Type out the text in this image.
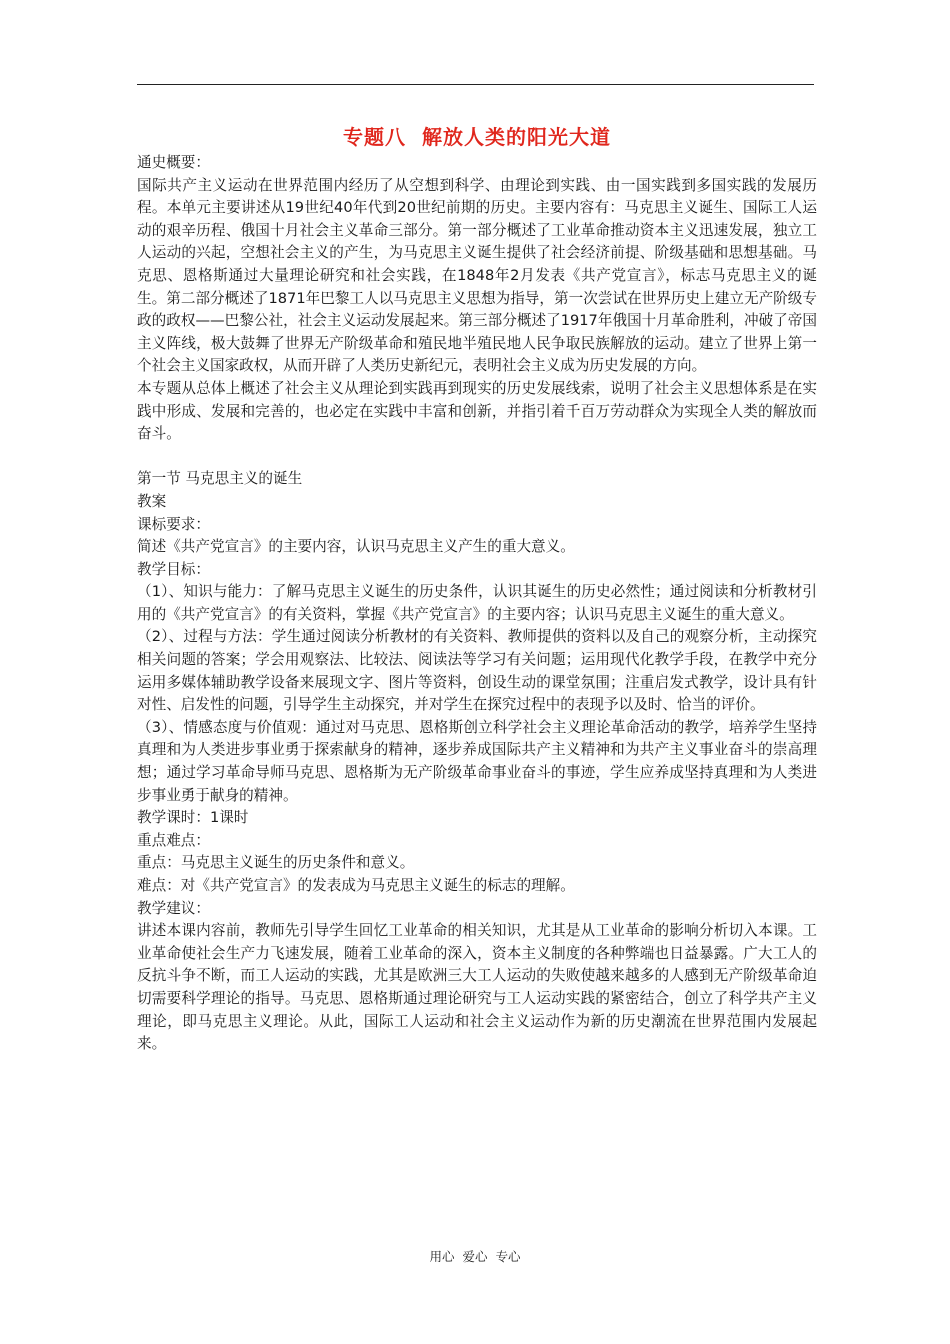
专题八  解放人类的阳光大道

通史概要：

国际共产主义运动在世界范围内经历了从空想到科学、由理论到实践、由一国实践到多国实践的发展历程。本单元主要讲述从19世纪40年代到20世纪前期的历史。主要内容有：马克思主义诞生、国际工人运动的艰辛历程、俄国十月社会主义革命三部分。第一部分概述了工业革命推动资本主义迅速发展，独立工人运动的兴起，空想社会主义的产生，为马克思主义诞生提供了社会经济前提、阶级基础和思想基础。马克思、恩格斯通过大量理论研究和社会实践，在1848年2月发表《共产党宣言》，标志马克思主义的诞生。第二部分概述了1871年巴黎工人以马克思主义思想为指导，第一次尝试在世界历史上建立无产阶级专政的政权——巴黎公社，社会主义运动发展起来。第三部分概述了1917年俄国十月革命胜利，冲破了帝国主义阵线，极大鼓舞了世界无产阶级革命和殖民地半殖民地人民争取民族解放的运动。建立了世界上第一个社会主义国家政权，从而开辟了人类历史新纪元，表明社会主义成为历史发展的方向。

本专题从总体上概述了社会主义从理论到实践再到现实的历史发展线索，说明了社会主义思想体系是在实践中形成、发展和完善的，也必定在实践中丰富和创新，并指引着千百万劳动群众为实现全人类的解放而奋斗。

第一节 马克思主义的诞生

教案

课标要求：

简述《共产党宣言》的主要内容，认识马克思主义产生的重大意义。

教学目标：

（1）、知识与能力：了解马克思主义诞生的历史条件，认识其诞生的历史必然性；通过阅读和分析教材引用的《共产党宣言》的有关资料，掌握《共产党宣言》的主要内容；认识马克思主义诞生的重大意义。

（2）、过程与方法：学生通过阅读分析教材的有关资料、教师提供的资料以及自己的观察分析，主动探究相关问题的答案；学会用观察法、比较法、阅读法等学习有关问题；运用现代化教学手段，在教学中充分运用多媒体辅助教学设备来展现文字、图片等资料，创设生动的课堂氛围；注重启发式教学，设计具有针对性、启发性的问题，引导学生主动探究，并对学生在探究过程中的表现予以及时、恰当的评价。

（3）、情感态度与价值观：通过对马克思、恩格斯创立科学社会主义理论革命活动的教学，培养学生坚持真理和为人类进步事业勇于探索献身的精神，逐步养成国际共产主义精神和为共产主义事业奋斗的崇高理想；通过学习革命导师马克思、恩格斯为无产阶级革命事业奋斗的事迹，学生应养成坚持真理和为人类进步事业勇于献身的精神。

教学课时：1课时

重点难点：

重点：马克思主义诞生的历史条件和意义。

难点：对《共产党宣言》的发表成为马克思主义诞生的标志的理解。

教学建议：

讲述本课内容前，教师先引导学生回忆工业革命的相关知识，尤其是从工业革命的影响分析切入本课。工业革命使社会生产力飞速发展，随着工业革命的深入，资本主义制度的各种弊端也日益暴露。广大工人的反抗斗争不断，而工人运动的实践，尤其是欧洲三大工人运动的失败使越来越多的人感到无产阶级革命迫切需要科学理论的指导。马克思、恩格斯通过理论研究与工人运动实践的紧密结合，创立了科学共产主义理论，即马克思主义理论。从此，国际工人运动和社会主义运动作为新的历史潮流在世界范围内发展起来。

用心  爱心  专心
